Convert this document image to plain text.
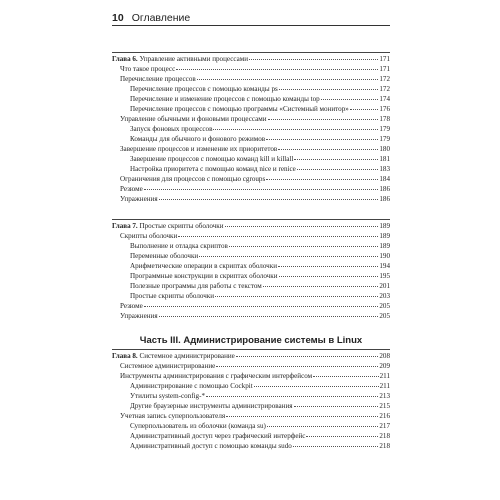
10 Оглавление
Глава 6. Управление активными процессами	171
Что такое процесс	171
Перечисление процессов	172
Перечисление процессов с помощью команды ps	172
Перечисление и изменение процессов с помощью команды top	174
Перечисление процессов с помощью программы «Системный монитор»	176
Управление обычными и фоновыми процессами	178
Запуск фоновых процессов	179
Команды для обычного и фонового режимов	179
Завершение процессов и изменение их приоритетов	180
Завершение процессов с помощью команд kill и killall	181
Настройка приоритета с помощью команд nice и renice	183
Ограничения для процессов с помощью cgroups	184
Резюме	186
Упражнения	186
Глава 7. Простые скрипты оболочки	189
Скрипты оболочки	189
Выполнение и отладка скриптов	189
Переменные оболочки	190
Арифметические операции в скриптах оболочки	194
Программные конструкции в скриптах оболочки	195
Полезные программы для работы с текстом	201
Простые скрипты оболочки	203
Резюме	205
Упражнения	205
Часть III. Администрирование системы в Linux
Глава 8. Системное администрирование	208
Системное администрирование	209
Инструменты администрирования с графическим интерфейсом	211
Администрирование с помощью Cockpit	211
Утилиты system-config-*	213
Другие браузерные инструменты администрирования	215
Учетная запись суперпользователя	216
Суперпользователь из оболочки (команда su)	217
Административный доступ через графический интерфейс	218
Административный доступ с помощью команды sudo	218
